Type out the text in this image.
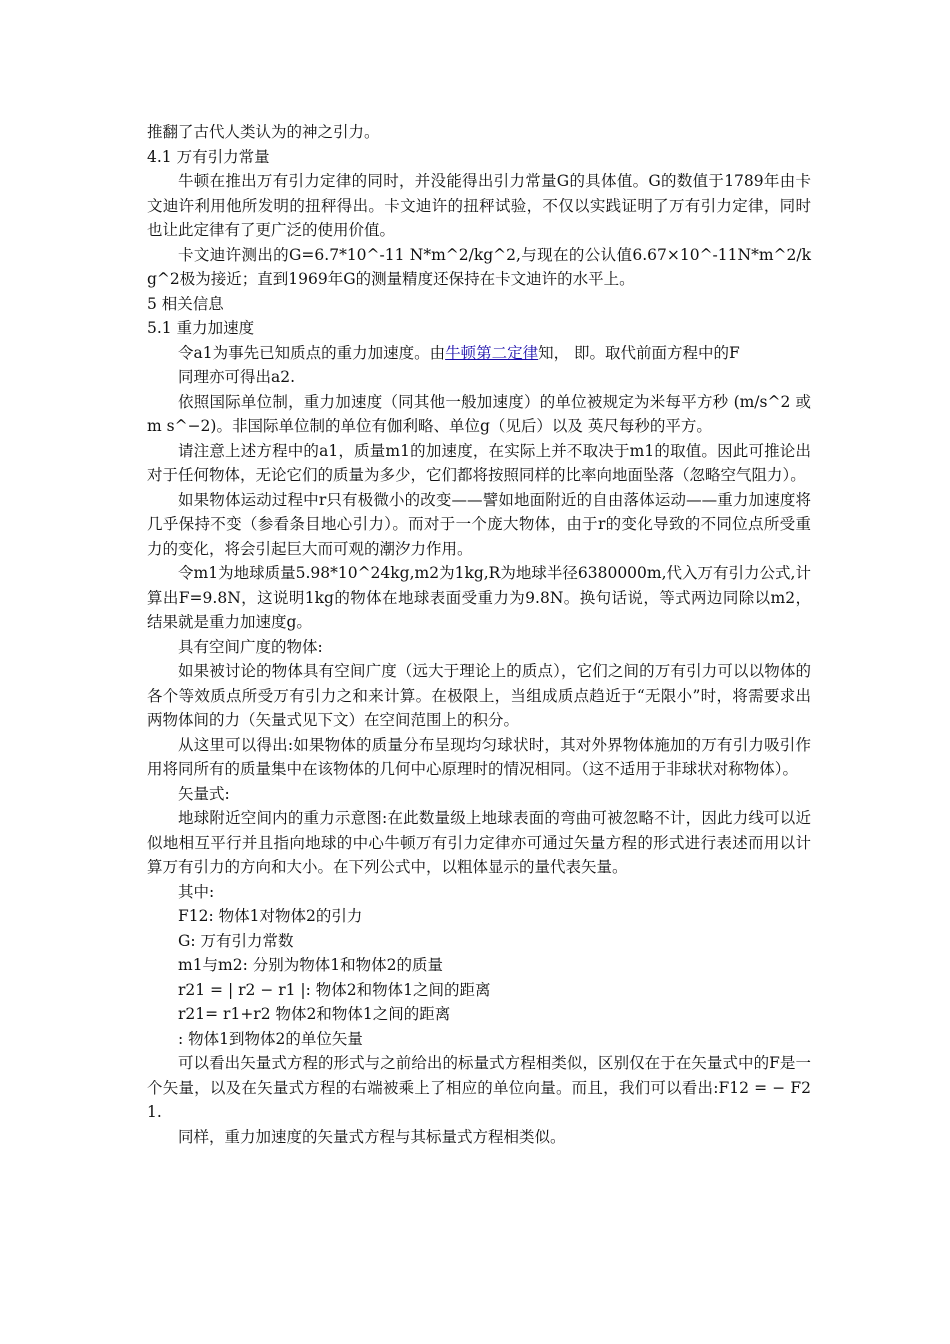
推翻了古代人类认为的神之引力。

4.1 万有引力常量

牛顿在推出万有引力定律的同时，并没能得出引力常量G的具体值。G的数值于1789年由卡文迪许利用他所发明的扭秤得出。卡文迪许的扭秤试验，不仅以实践证明了万有引力定律，同时也让此定律有了更广泛的使用价值。

卡文迪许测出的G=6.7*10^-11 N*m^2/kg^2,与现在的公认值6.67×10^-11N*m^2/kg^2极为接近；直到1969年G的测量精度还保持在卡文迪许的水平上。

5 相关信息

5.1 重力加速度

令a1为事先已知质点的重力加速度。由牛顿第二定律知， 即。取代前面方程中的F

同理亦可得出a2.

依照国际单位制，重力加速度（同其他一般加速度）的单位被规定为米每平方秒 (m/s^2 或 m s^−2)。非国际单位制的单位有伽利略、单位g（见后）以及 英尺每秒的平方。

请注意上述方程中的a1，质量m1的加速度，在实际上并不取决于m1的取值。因此可推论出对于任何物体，无论它们的质量为多少，它们都将按照同样的比率向地面坠落（忽略空气阻力）。

如果物体运动过程中r只有极微小的改变——譬如地面附近的自由落体运动——重力加速度将几乎保持不变（参看条目地心引力）。而对于一个庞大物体，由于r的变化导致的不同位点所受重力的变化，将会引起巨大而可观的潮汐力作用。

令m1为地球质量5.98*10^24kg,m2为1kg,R为地球半径6380000m,代入万有引力公式,计算出F=9.8N，这说明1kg的物体在地球表面受重力为9.8N。换句话说，等式两边同除以m2，结果就是重力加速度g。

具有空间广度的物体:

如果被讨论的物体具有空间广度（远大于理论上的质点），它们之间的万有引力可以以物体的各个等效质点所受万有引力之和来计算。在极限上，当组成质点趋近于“无限小”时，将需要求出两物体间的力（矢量式见下文）在空间范围上的积分。

从这里可以得出:如果物体的质量分布呈现均匀球状时，其对外界物体施加的万有引力吸引作用将同所有的质量集中在该物体的几何中心原理时的情况相同。（这不适用于非球状对称物体）。

矢量式:

地球附近空间内的重力示意图:在此数量级上地球表面的弯曲可被忽略不计，因此力线可以近似地相互平行并且指向地球的中心牛顿万有引力定律亦可通过矢量方程的形式进行表述而用以计算万有引力的方向和大小。在下列公式中，以粗体显示的量代表矢量。

其中:

F12: 物体1对物体2的引力

G: 万有引力常数

m1与m2: 分别为物体1和物体2的质量

r21 = | r2 − r1 |: 物体2和物体1之间的距离

r21= r1+r2 物体2和物体1之间的距离

: 物体1到物体2的单位矢量

可以看出矢量式方程的形式与之前给出的标量式方程相类似，区别仅在于在矢量式中的F是一个矢量，以及在矢量式方程的右端被乘上了相应的单位向量。而且，我们可以看出:F12 = − F21.

同样，重力加速度的矢量式方程与其标量式方程相类似。
